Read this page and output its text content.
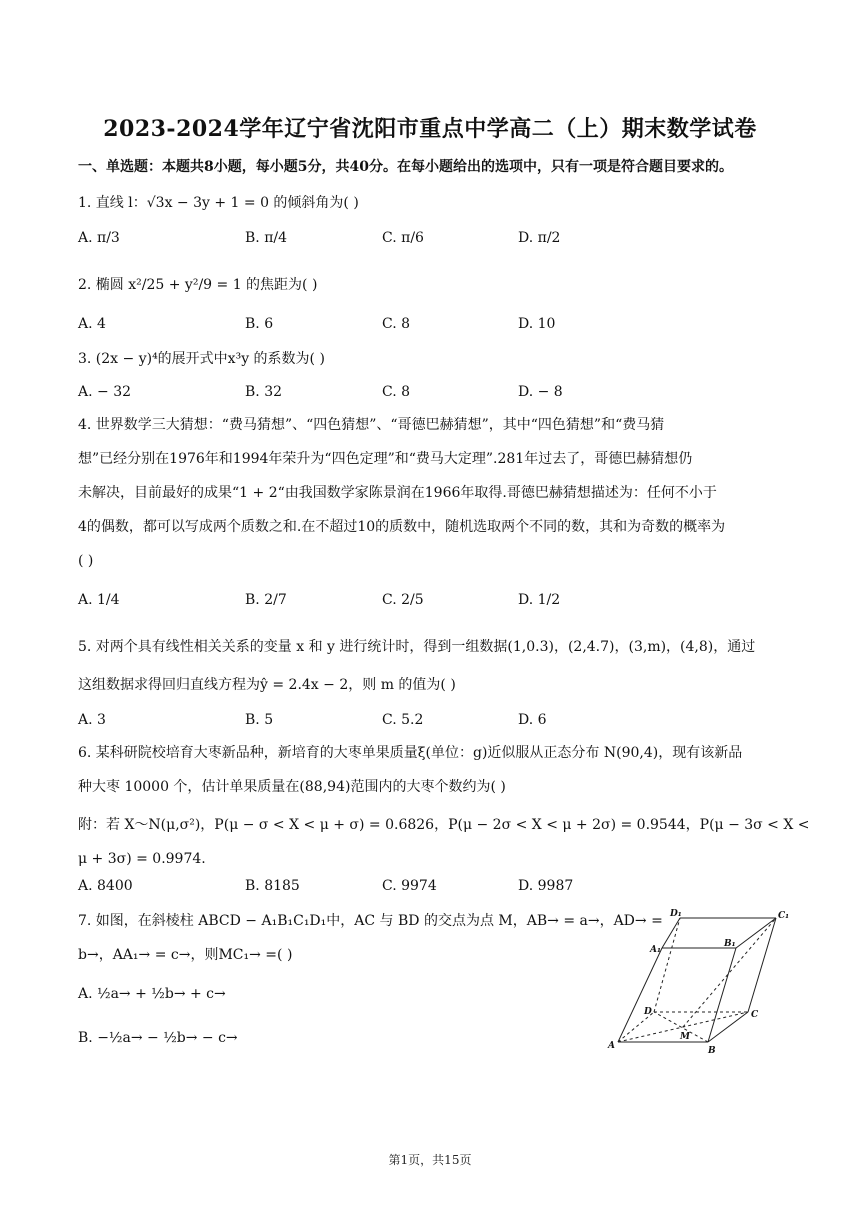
2023-2024学年辽宁省沈阳市重点中学高二（上）期末数学试卷
一、单选题：本题共8小题，每小题5分，共40分。在每小题给出的选项中，只有一项是符合题目要求的。
1. 直线 l：√3x − 3y + 1 = 0 的倾斜角为( )
A. π/3	B. π/4	C. π/6	D. π/2
2. 椭圆 x²/25 + y²/9 = 1 的焦距为( )
A. 4	B. 6	C. 8	D. 10
3. (2x − y)⁴的展开式中x³y 的系数为( )
A. − 32	B. 32	C. 8	D. − 8
4. 世界数学三大猜想：“费马猜想”、“四色猜想”、“哥德巴赫猜想”，其中“四色猜想”和“费马猜
想”已经分别在1976年和1994年荣升为“四色定理”和“费马大定理”.281年过去了，哥德巴赫猜想仍
未解决，目前最好的成果“1 + 2“由我国数学家陈景润在1966年取得.哥德巴赫猜想描述为：任何不小于
4的偶数，都可以写成两个质数之和.在不超过10的质数中，随机选取两个不同的数，其和为奇数的概率为
( )
A. 1/4	B. 2/7	C. 2/5	D. 1/2
5. 对两个具有线性相关关系的变量 x 和 y 进行统计时，得到一组数据(1,0.3)，(2,4.7)，(3,m)，(4,8)，通过
这组数据求得回归直线方程为ŷ = 2.4x − 2，则 m 的值为( )
A. 3	B. 5	C. 5.2	D. 6
6. 某科研院校培育大枣新品种，新培育的大枣单果质量ξ(单位：g)近似服从正态分布 N(90,4)，现有该新品
种大枣 10000 个，估计单果质量在(88,94)范围内的大枣个数约为( )
附：若 X～N(μ,σ²)，P(μ − σ < X < μ + σ) = 0.6826，P(μ − 2σ < X < μ + 2σ) = 0.9544，P(μ − 3σ < X <
μ + 3σ) = 0.9974.
A. 8400	B. 8185	C. 9974	D. 9987
7. 如图，在斜棱柱 ABCD − A₁B₁C₁D₁中，AC 与 BD 的交点为点 M，AB→ = a→，AD→ =
b→，AA₁→ = c→，则MC₁→ =( )
A. ½a→ + ½b→ + c→
B. −½a→ − ½b→ − c→	A	B
C
D
A₁
B₁
C₁
D₁
M
第1页，共15页
